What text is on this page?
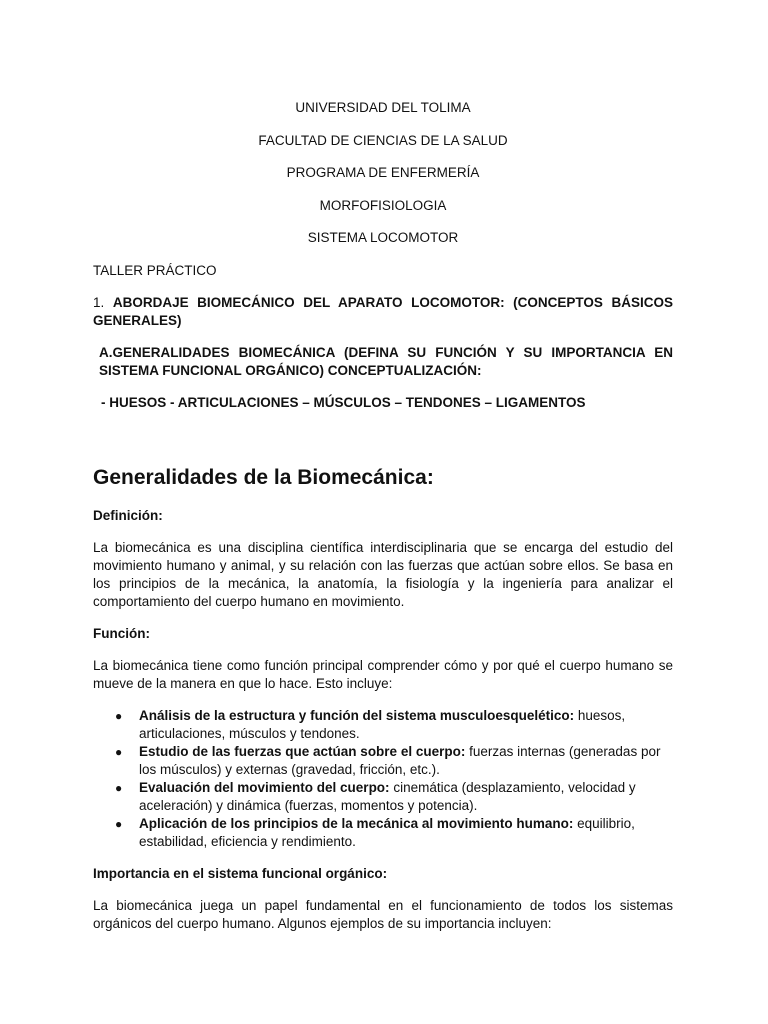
UNIVERSIDAD DEL TOLIMA

FACULTAD DE CIENCIAS DE LA SALUD

PROGRAMA DE ENFERMERÍA

MORFOFISIOLOGIA

SISTEMA LOCOMOTOR

TALLER PRÁCTICO

1. ABORDAJE BIOMECÁNICO DEL APARATO LOCOMOTOR: (CONCEPTOS BÁSICOS GENERALES)

A.GENERALIDADES BIOMECÁNICA (DEFINA SU FUNCIÓN Y SU IMPORTANCIA EN SISTEMA FUNCIONAL ORGÁNICO) CONCEPTUALIZACIÓN:

- HUESOS - ARTICULACIONES – MÚSCULOS – TENDONES – LIGAMENTOS

Generalidades de la Biomecánica:

Definición:

La biomecánica es una disciplina científica interdisciplinaria que se encarga del estudio del movimiento humano y animal, y su relación con las fuerzas que actúan sobre ellos. Se basa en los principios de la mecánica, la anatomía, la fisiología y la ingeniería para analizar el comportamiento del cuerpo humano en movimiento.

Función:

La biomecánica tiene como función principal comprender cómo y por qué el cuerpo humano se mueve de la manera en que lo hace. Esto incluye:

● Análisis de la estructura y función del sistema musculoesquelético: huesos, articulaciones, músculos y tendones.
● Estudio de las fuerzas que actúan sobre el cuerpo: fuerzas internas (generadas por los músculos) y externas (gravedad, fricción, etc.).
● Evaluación del movimiento del cuerpo: cinemática (desplazamiento, velocidad y aceleración) y dinámica (fuerzas, momentos y potencia).
● Aplicación de los principios de la mecánica al movimiento humano: equilibrio, estabilidad, eficiencia y rendimiento.

Importancia en el sistema funcional orgánico:

La biomecánica juega un papel fundamental en el funcionamiento de todos los sistemas orgánicos del cuerpo humano. Algunos ejemplos de su importancia incluyen:
